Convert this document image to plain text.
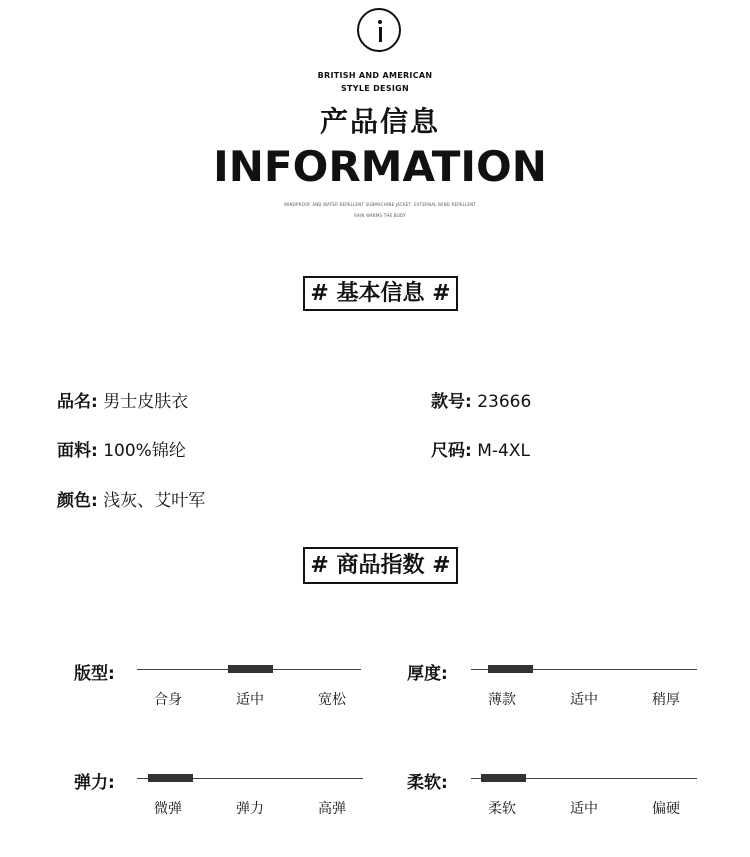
BRITISH AND AMERICAN
STYLE DESIGN
产品信息
INFORMATION
WINDPROOF AND WATER REPELLENT SUBMACHINE JACKET, EXTERNAL WIND REPELLENT
RAIN WARMS THE BODY
# 基本信息 #
品名: 男士皮肤衣	款号: 23666
面料: 100%锦纶	尺码: M-4XL
颜色: 浅灰、艾叶军
# 商品指数 #
版型:
合身	适中	宽松
厚度:
薄款	适中	稍厚
弹力:
微弹	弹力	高弹
柔软:
柔软	适中	偏硬
